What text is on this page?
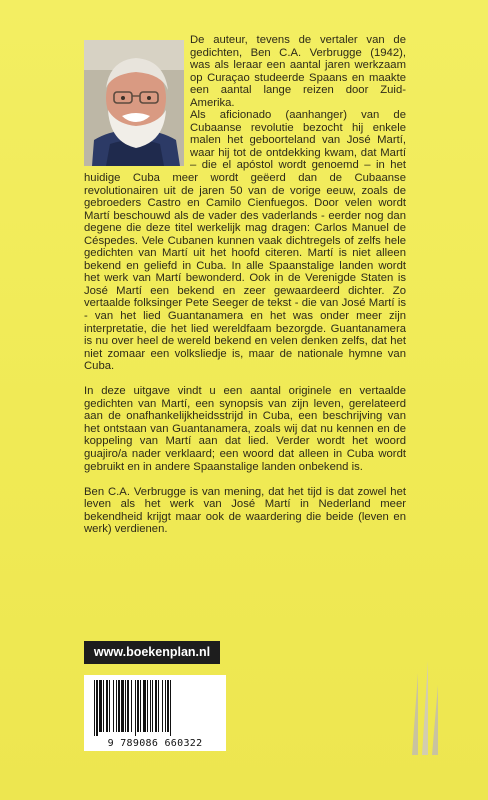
De auteur, tevens de vertaler van de gedichten, Ben C.A. Verbrugge (1942), was als leraar een aantal jaren werkzaam op Curaçao studeerde Spaans en maakte een aantal lange reizen door Zuid-Amerika.

Als aficionado (aanhanger) van de Cubaanse revolutie bezocht hij enkele malen het geboorteland van José Martí, waar hij tot de ontdekking kwam, dat Martí – die el apóstol wordt genoemd – in het huidige Cuba meer wordt geëerd dan de Cubaanse revolutionairen uit de jaren 50 van de vorige eeuw, zoals de gebroeders Castro en Camilo Cienfuegos. Door velen wordt Martí beschouwd als de vader des vaderlands - eerder nog dan degene die deze titel werkelijk mag dragen: Carlos Manuel de Céspedes. Vele Cubanen kunnen vaak dichtregels of zelfs hele gedichten van Martí uit het hoofd citeren. Martí is niet alleen bekend en geliefd in Cuba. In alle Spaanstalige landen wordt het werk van Martí bewonderd. Ook in de Verenigde Staten is José Martí een bekend en zeer gewaardeerd dichter. Zo vertaalde folksinger Pete Seeger de tekst - die van José Martí is - van het lied Guantanamera en het was onder meer zijn interpretatie, die het lied wereldfaam bezorgde. Guantanamera is nu over heel de wereld bekend en velen denken zelfs, dat het niet zomaar een volksliedje is, maar de nationale hymne van Cuba.

In deze uitgave vindt u een aantal originele en vertaalde gedichten van Martí, een synopsis van zijn leven, gerelateerd aan de onafhankelijkheidsstrijd in Cuba, een beschrijving van het ontstaan van Guantanamera, zoals wij dat nu kennen en de koppeling van Martí aan dat lied. Verder wordt het woord guajiro/a nader verklaard; een woord dat alleen in Cuba wordt gebruikt en in andere Spaanstalige landen onbekend is.

Ben C.A. Verbrugge is van mening, dat het tijd is dat zowel het leven als het werk van José Martí in Nederland meer bekendheid krijgt maar ook de waardering die beide (leven en werk) verdienen.

www.boekenplan.nl
9 789086 660322
